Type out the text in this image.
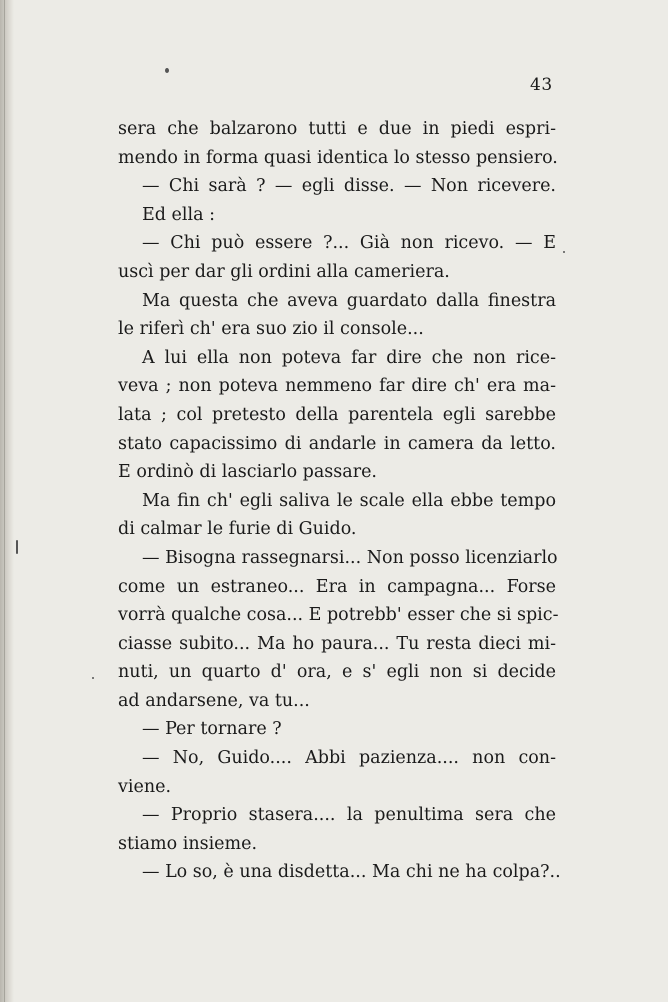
43
sera che balzarono tutti e due in piedi espri-
mendo in forma quasi identica lo stesso pensiero.
— Chi sarà ? — egli disse. — Non ricevere.
Ed ella :
— Chi può essere ?... Già non ricevo. — E
uscì per dar gli ordini alla cameriera.
Ma questa che aveva guardato dalla finestra
le riferì ch' era suo zio il console...
A lui ella non poteva far dire che non rice-
veva ; non poteva nemmeno far dire ch' era ma-
lata ; col pretesto della parentela egli sarebbe
stato capacissimo di andarle in camera da letto.
E ordinò di lasciarlo passare.
Ma fin ch' egli saliva le scale ella ebbe tempo
di calmar le furie di Guido.
— Bisogna rassegnarsi... Non posso licenziarlo
come un estraneo... Era in campagna... Forse
vorrà qualche cosa... E potrebb' esser che si spic-
ciasse subito... Ma ho paura... Tu resta dieci mi-
nuti, un quarto d' ora, e s' egli non si decide
ad andarsene, va tu...
— Per tornare ?
— No, Guido.... Abbi pazienza.... non con-
viene.
— Proprio stasera.... la penultima sera che
stiamo insieme.
— Lo so, è una disdetta... Ma chi ne ha colpa?..
